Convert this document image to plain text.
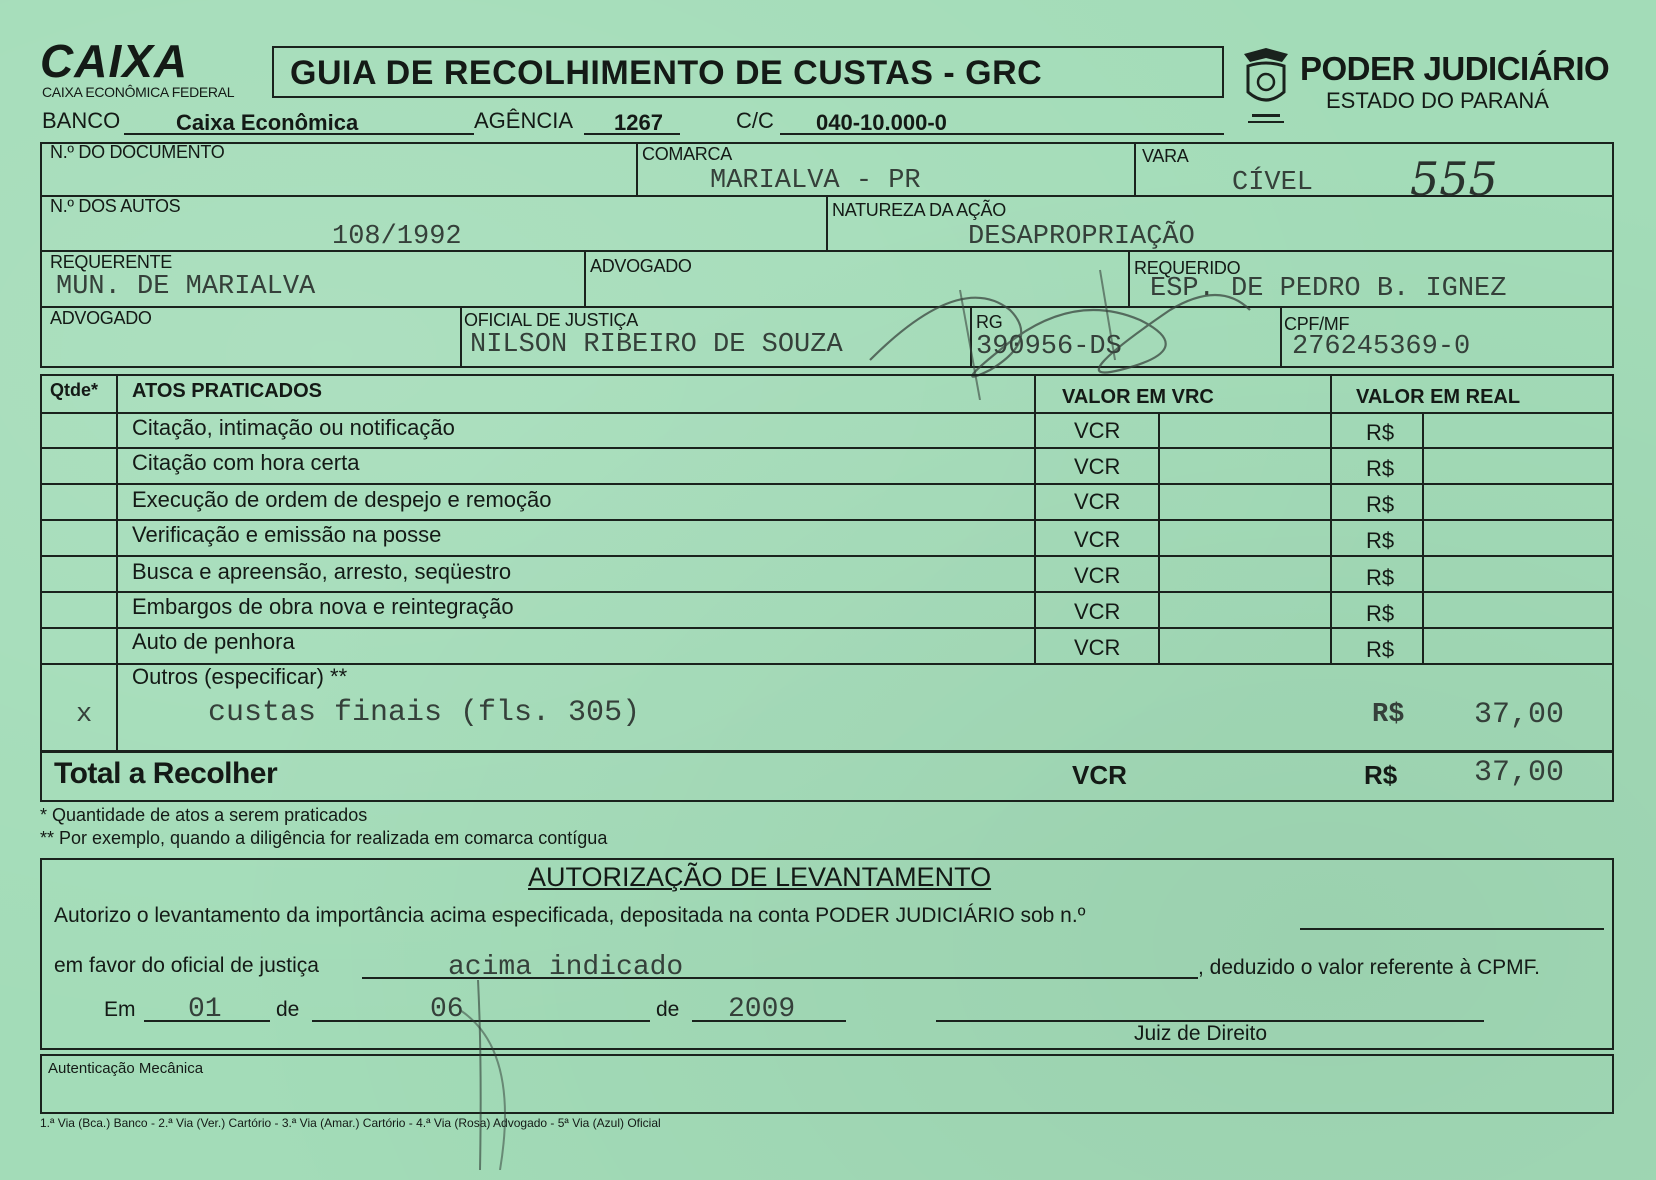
CAIXA
CAIXA ECONÔMICA FEDERAL GUIA DE RECOLHIMENTO DE CUSTAS - GRC	PODER JUDICIÁRIO
ESTADO DO PARANÁ
BANCO	Caixa Econômica	AGÊNCIA 1267	C/C 040-10.000-0
N.º DO DOCUMENTO	COMARCA
MARIALVA - PR
VARA
CÍVEL 555
N.º DOS AUTOS
108/1992
NATUREZA DA AÇÃO
DESAPROPRIAÇÃO
REQUERENTE
MUN. DE MARIALVA
ADVOGADO	REQUERIDO
ESP. DE PEDRO B. IGNEZ
ADVOGADO	OFICIAL DE JUSTIÇA
NILSON RIBEIRO DE SOUZA
RG
390956-DS
CPF/MF
276245369-0
Qtde* ATOS PRATICADOS	VALOR EM VRC	VALOR EM REAL
Citação, intimação ou notificação	VCR	R$
Citação com hora certa	VCR	R$
Execução de ordem de despejo e remoção	VCR	R$
Verificação e emissão na posse	VCR	R$
Busca e apreensão, arresto, seqüestro	VCR	R$
Embargos de obra nova e reintegração	VCR	R$
Auto de penhora	VCR	R$
Outros (especificar) **
x	custas finais (fls. 305)	R$ 37,00
Total a Recolher	VCR	R$	37,00
* Quantidade de atos a serem praticados
** Por exemplo, quando a diligência for realizada em comarca contígua
AUTORIZAÇÃO DE LEVANTAMENTO
Autorizo o levantamento da importância acima especificada, depositada na conta PODER JUDICIÁRIO sob n.º
em favor do oficial de justiça	acima indicado	, deduzido o valor referente à CPMF.
Em 01	de	06	de 2009
Juiz de Direito
Autenticação Mecânica
1.ª Via (Bca.) Banco - 2.ª Via (Ver.) Cartório - 3.ª Via (Amar.) Cartório - 4.ª Via (Rosa) Advogado - 5ª Via (Azul) Oficial
